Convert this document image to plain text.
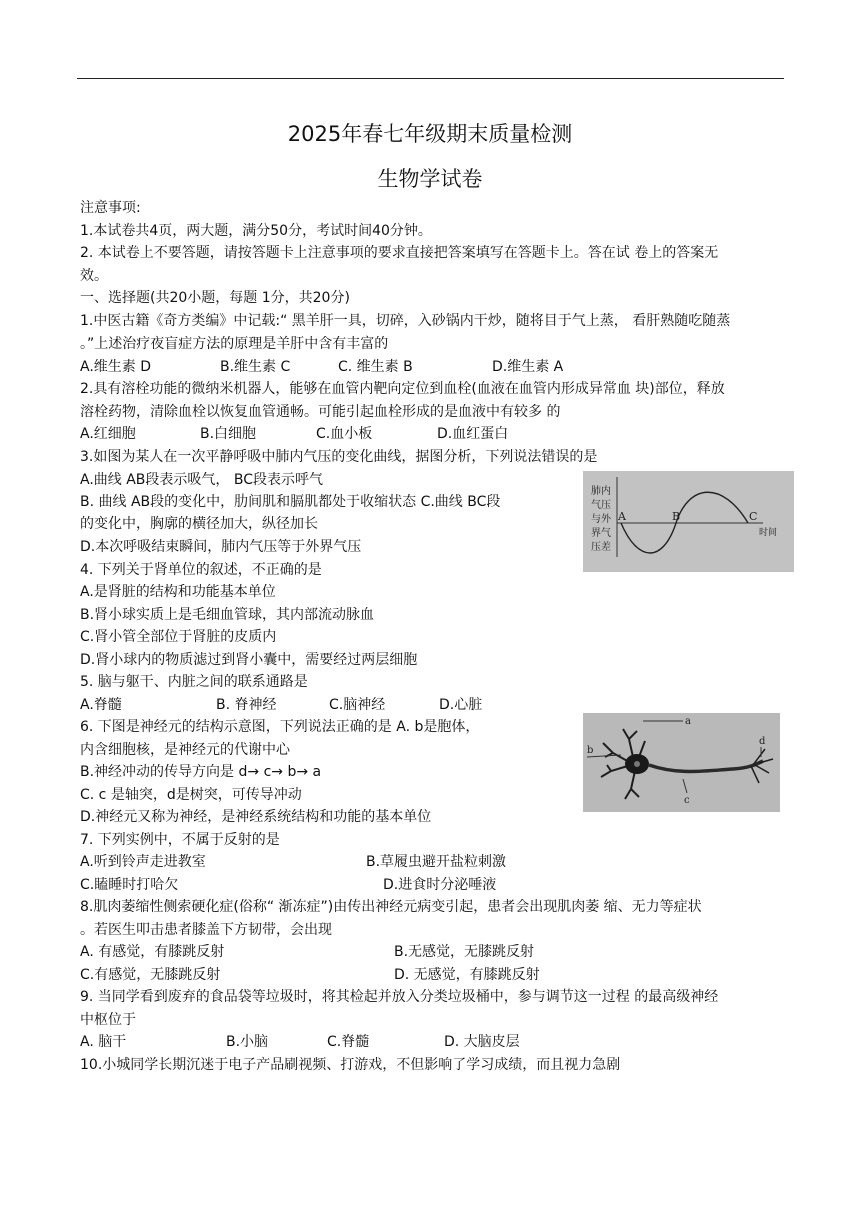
2025年春七年级期末质量检测
生物学试卷
注意事项:
1.本试卷共4页，两大题，满分50分，考试时间40分钟。
2. 本试卷上不要答题，请按答题卡上注意事项的要求直接把答案填写在答题卡上。答在试 卷上的答案无
效。
一、选择题(共20小题，每题 1分，共20分)
1.中医古籍《奇方类编》中记载:“ 黑羊肝一具，切碎，入砂锅内干炒，随将目于气上蒸， 看肝熟随吃随蒸
。”上述治疗夜盲症方法的原理是羊肝中含有丰富的
A.维生素 D	B.维生素 C	C. 维生素 B	D.维生素 A
2.具有溶栓功能的微纳米机器人，能够在血管内靶向定位到血栓(血液在血管内形成异常血 块)部位，释放
溶栓药物，清除血栓以恢复血管通畅。可能引起血栓形成的是血液中有较多 的
A.红细胞	B.白细胞	C.血小板	D.血红蛋白
3.如图为某人在一次平静呼吸中肺内气压的变化曲线，据图分析，下列说法错误的是
A.曲线 AB段表示吸气， BC段表示呼气
B. 曲线 AB段的变化中，肋间肌和膈肌都处于收缩状态 C.曲线 BC段
的变化中，胸廓的横径加大，纵径加长
D.本次呼吸结束瞬间，肺内气压等于外界气压
A	B	C
时间
肺内
气压
与外
界气
压差
4. 下列关于肾单位的叙述，不正确的是
A.是肾脏的结构和功能基本单位
B.肾小球实质上是毛细血管球，其内部流动脉血
C.肾小管全部位于肾脏的皮质内
D.肾小球内的物质滤过到肾小囊中，需要经过两层细胞
5. 脑与躯干、内脏之间的联系通路是
A.脊髓	B. 脊神经	C.脑神经	D.心脏
6. 下图是神经元的结构示意图，下列说法正确的是 A. b是胞体，
内含细胞核，是神经元的代谢中心
B.神经冲动的传导方向是 d→ c→ b→ a
C. c 是轴突，d是树突，可传导冲动
D.神经元又称为神经，是神经系统结构和功能的基本单位
a
b
c
d
7. 下列实例中，不属于反射的是
A.听到铃声走进教室	B.草履虫避开盐粒刺激
C.瞌睡时打哈欠	D.进食时分泌唾液
8.肌肉萎缩性侧索硬化症(俗称“ 渐冻症”)由传出神经元病变引起，患者会出现肌肉萎 缩、无力等症状
。若医生叩击患者膝盖下方韧带，会出现
A. 有感觉，有膝跳反射	B.无感觉，无膝跳反射
C.有感觉，无膝跳反射	D. 无感觉，有膝跳反射
9. 当同学看到废弃的食品袋等垃圾时，将其检起并放入分类垃圾桶中，参与调节这一过程 的最高级神经
中枢位于
A. 脑干	B.小脑	C.脊髓	D. 大脑皮层
10.小城同学长期沉迷于电子产品刷视频、打游戏，不但影响了学习成绩，而且视力急剧
